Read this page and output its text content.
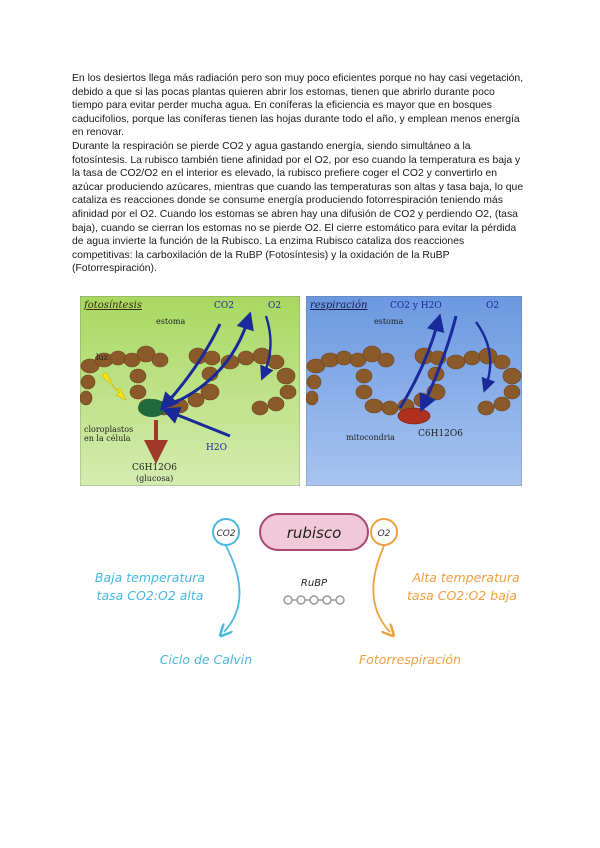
En los desiertos llega más radiación pero son muy poco eficientes porque no hay casi vegetación, debido a que si las pocas plantas quieren abrir los estomas, tienen que abrirlo durante poco tiempo para evitar perder mucha agua. En coníferas la eficiencia es mayor que en bosques caducifolios, porque las coníferas tienen las hojas durante todo el año, y emplean menos energía en renovar.
Durante la respiración se pierde CO2 y agua gastando energía, siendo simultáneo a la fotosíntesis. La rubisco también tiene afinidad por el O2, por eso cuando la temperatura es baja y la tasa de CO2/O2 en el interior es elevado, la rubisco prefiere coger el CO2 y convertirlo en azúcar produciendo azúcares, mientras que cuando las temperaturas son altas y tasa baja, lo que cataliza es reacciones donde se consume energía produciendo fotorrespiración teniendo más afinidad por el O2. Cuando los estomas se abren hay una difusión de CO2 y perdiendo O2, (tasa baja), cuando se cierran los estomas no se pierde O2. El cierre estomático para evitar la pérdida de agua invierte la función de la Rubisco. La enzima Rubisco cataliza dos reacciones competitivas: la carboxilación de la RuBP (Fotosíntesis) y la oxidación de la RuBP (Fotorrespiración).
fotosíntesis	CO2	O2
estoma
luz
cloroplastos
en la célula
H2O
C6H12O6
(glucosa)
respiración	CO2 y H2O	O2
estoma
mitocondria	C6H12O6
CO2	rubisco	O2
RuBP
Baja temperatura
tasa CO2:O2 alta
Ciclo de Calvin
Alta temperatura
tasa CO2:O2 baja
Fotorrespiración
